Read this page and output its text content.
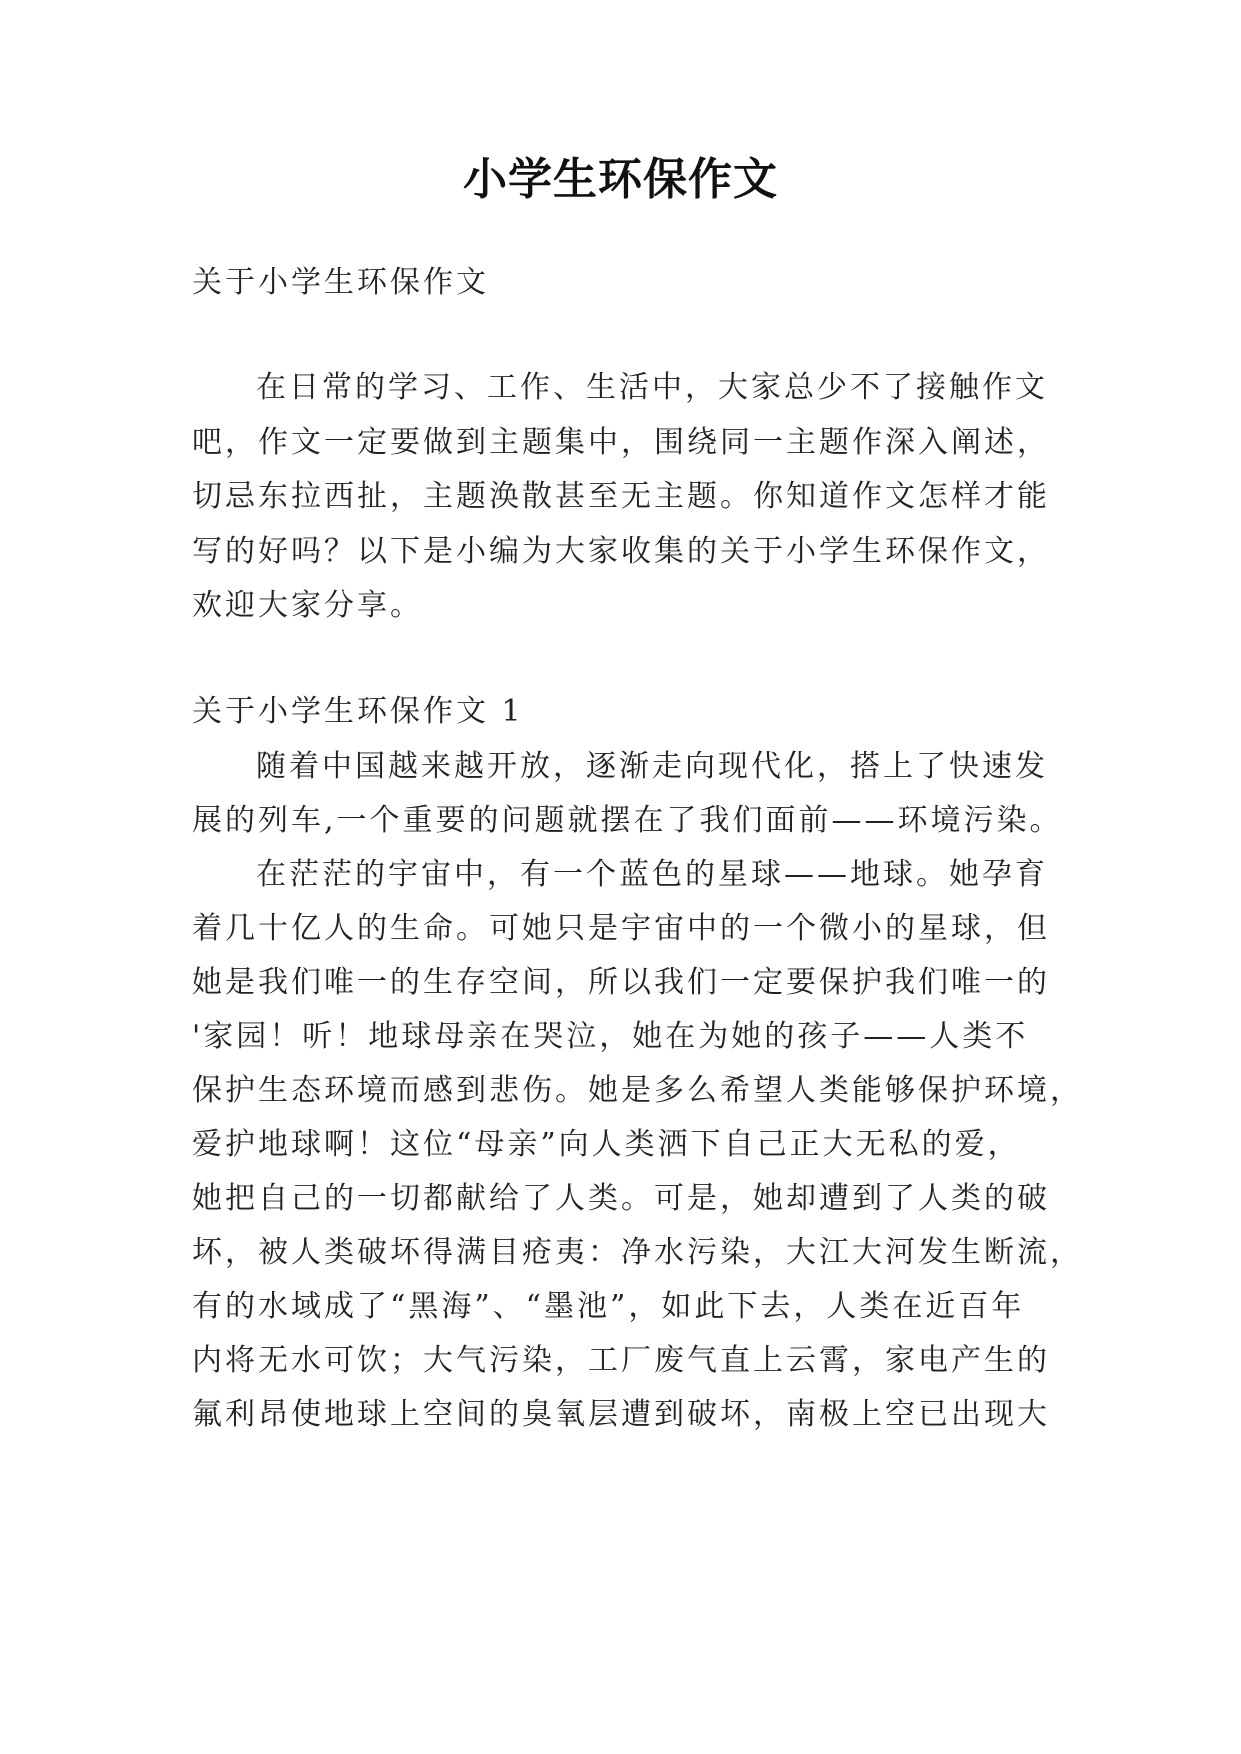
小学生环保作文
关于小学生环保作文
在日常的学习、工作、生活中，大家总少不了接触作文
吧，作文一定要做到主题集中，围绕同一主题作深入阐述，
切忌东拉西扯，主题涣散甚至无主题。你知道作文怎样才能
写的好吗？以下是小编为大家收集的关于小学生环保作文，
欢迎大家分享。
关于小学生环保作文 1
随着中国越来越开放，逐渐走向现代化，搭上了快速发
展的列车,一个重要的问题就摆在了我们面前——环境污染。
在茫茫的宇宙中，有一个蓝色的星球——地球。她孕育
着几十亿人的生命。可她只是宇宙中的一个微小的星球，但
她是我们唯一的生存空间，所以我们一定要保护我们唯一的
'家园！听！地球母亲在哭泣，她在为她的孩子——人类不
保护生态环境而感到悲伤。她是多么希望人类能够保护环境，
爱护地球啊！这位“母亲”向人类洒下自己正大无私的爱，
她把自己的一切都献给了人类。可是，她却遭到了人类的破
坏，被人类破坏得满目疮夷：净水污染，大江大河发生断流，
有的水域成了“黑海”、“墨池”，如此下去，人类在近百年
内将无水可饮；大气污染，工厂废气直上云霄，家电产生的
氟利昂使地球上空间的臭氧层遭到破坏，南极上空已出现大
